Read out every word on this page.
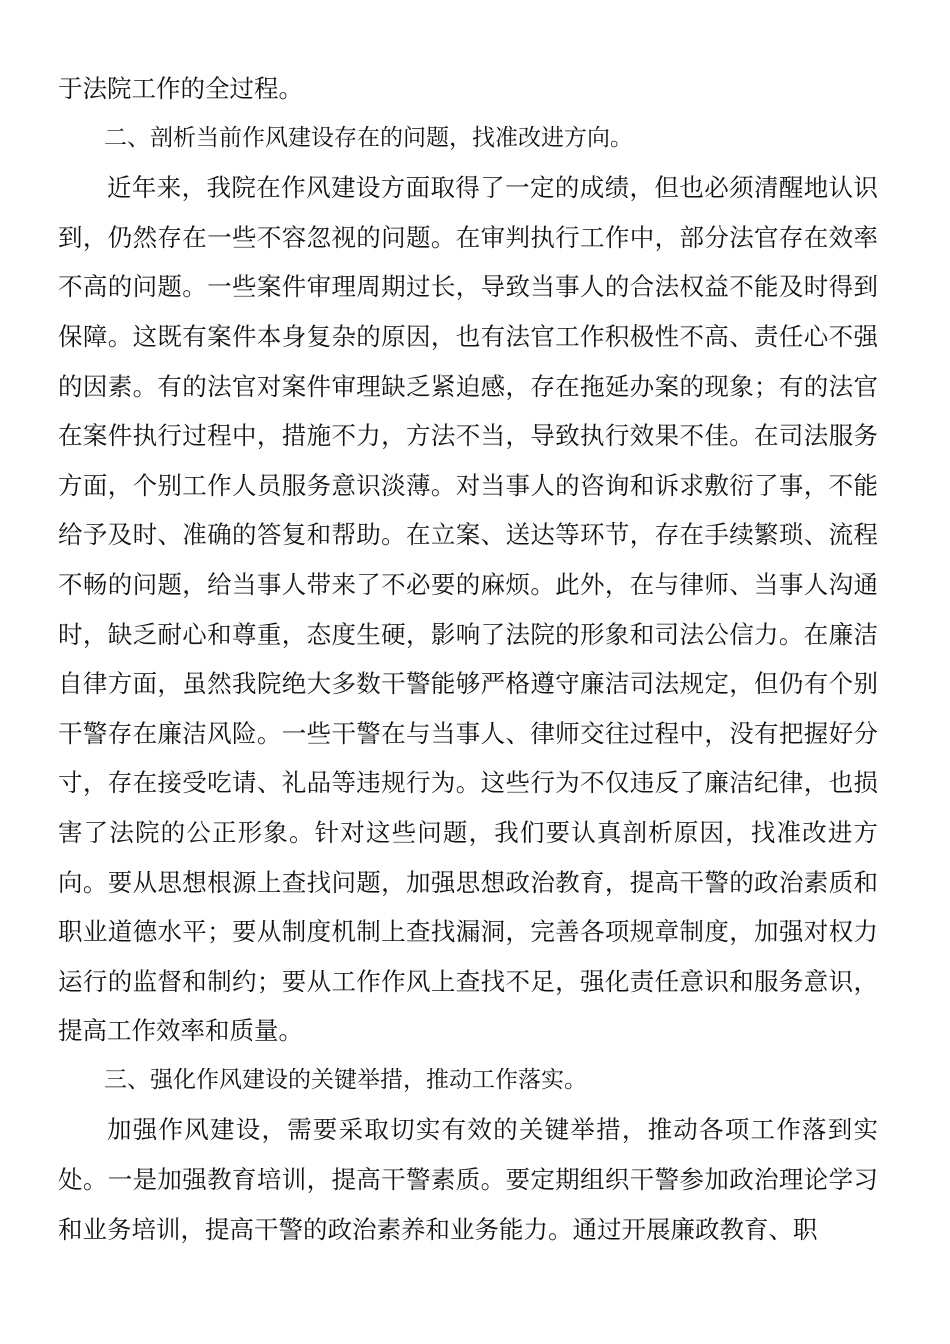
于法院工作的全过程。

二、剖析当前作风建设存在的问题，找准改进方向。

近年来，我院在作风建设方面取得了一定的成绩，但也必须清醒地认识到，仍然存在一些不容忽视的问题。在审判执行工作中，部分法官存在效率不高的问题。一些案件审理周期过长，导致当事人的合法权益不能及时得到保障。这既有案件本身复杂的原因，也有法官工作积极性不高、责任心不强的因素。有的法官对案件审理缺乏紧迫感，存在拖延办案的现象；有的法官在案件执行过程中，措施不力，方法不当，导致执行效果不佳。在司法服务方面，个别工作人员服务意识淡薄。对当事人的咨询和诉求敷衍了事，不能给予及时、准确的答复和帮助。在立案、送达等环节，存在手续繁琐、流程不畅的问题，给当事人带来了不必要的麻烦。此外，在与律师、当事人沟通时，缺乏耐心和尊重，态度生硬，影响了法院的形象和司法公信力。在廉洁自律方面，虽然我院绝大多数干警能够严格遵守廉洁司法规定，但仍有个别干警存在廉洁风险。一些干警在与当事人、律师交往过程中，没有把握好分寸，存在接受吃请、礼品等违规行为。这些行为不仅违反了廉洁纪律，也损害了法院的公正形象。针对这些问题，我们要认真剖析原因，找准改进方向。要从思想根源上查找问题，加强思想政治教育，提高干警的政治素质和职业道德水平；要从制度机制上查找漏洞，完善各项规章制度，加强对权力运行的监督和制约；要从工作作风上查找不足，强化责任意识和服务意识，提高工作效率和质量。

三、强化作风建设的关键举措，推动工作落实。

加强作风建设，需要采取切实有效的关键举措，推动各项工作落到实处。一是加强教育培训，提高干警素质。要定期组织干警参加政治理论学习和业务培训，提高干警的政治素养和业务能力。通过开展廉政教育、职
